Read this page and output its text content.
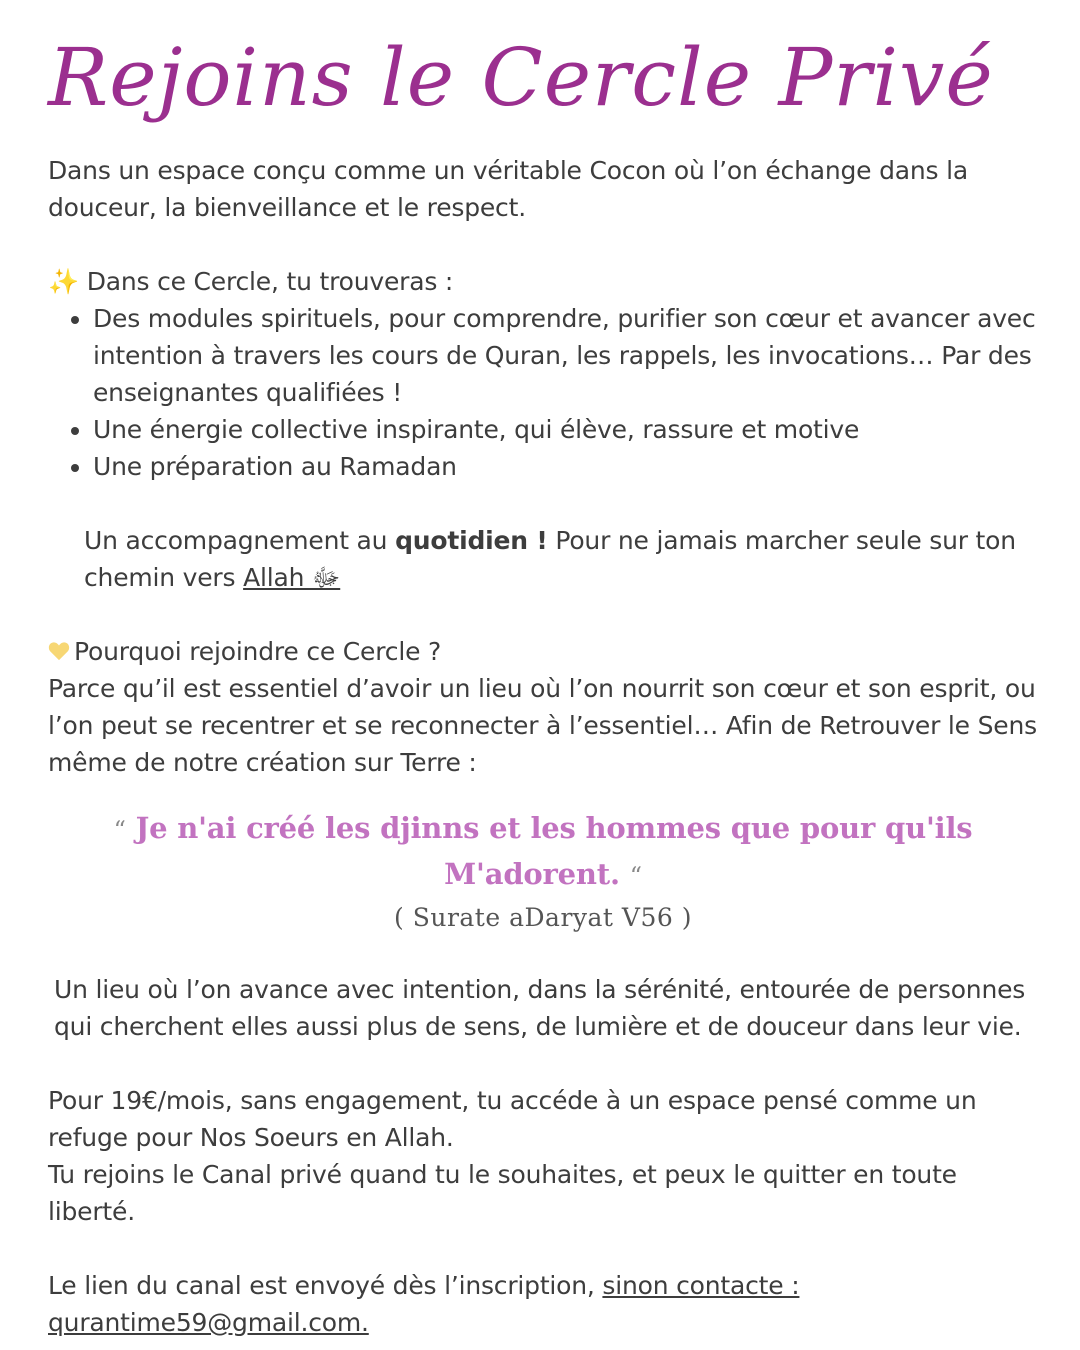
Rejoins le Cercle Privé

Dans un espace conçu comme un véritable Cocon où l’on échange dans la douceur, la bienveillance et le respect.

✨ Dans ce Cercle, tu trouveras :

• Des modules spirituels, pour comprendre, purifier son cœur et avancer avec intention à travers les cours de Quran, les rappels, les invocations… Par des enseignantes qualifiées !
• Une énergie collective inspirante, qui élève, rassure et motive
• Une préparation au Ramadan

Un accompagnement au quotidien ! Pour ne jamais marcher seule sur ton chemin vers Allah ﷻ

Pourquoi rejoindre ce Cercle ?

Parce qu’il est essentiel d’avoir un lieu où l’on nourrit son cœur et son esprit, ou l’on peut se recentrer et se reconnecter à l’essentiel… Afin de Retrouver le Sens même de notre création sur Terre :

“ Je n'ai créé les djinns et les hommes que pour qu'ils M'adorent. “
( Surate aDaryat V56 )

Un lieu où l’on avance avec intention, dans la sérénité, entourée de personnes qui cherchent elles aussi plus de sens, de lumière et de douceur dans leur vie.

Pour 19€/mois, sans engagement, tu accéde à un espace pensé comme un refuge pour Nos Soeurs en Allah.

Tu rejoins le Canal privé quand tu le souhaites, et peux le quitter en toute liberté.

Le lien du canal est envoyé dès l’inscription, sinon contacte :
qurantime59@gmail.com.
